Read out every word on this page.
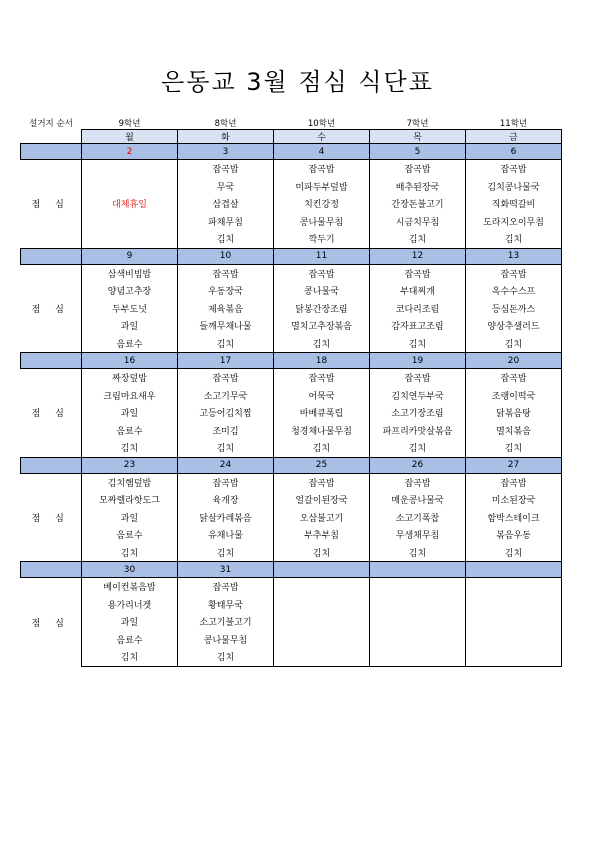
은동교 3월 점심 식단표
설거지 순서	9학년	8학년	10학년	7학년	11학년
	월	화	수	목	금
	2	3	4	5	6
점 심		잡곡밥	잡곡밥	잡곡밥	잡곡밥
		무국	미파두부덮밥	배추된장국	김치콩나물국
	대체휴일	삼겹살	치킨강정	간장돈불고기	직화떡갈비
		파채무침	콩나물무침	시금치무침	도라지오이무침
		김치	깍두기	김치	김치
	9	10	11	12	13
점 심	삼색비빔밥	잡곡밥	잡곡밥	잡곡밥	잡곡밥
	양념고추장	우동장국	콩나물국	부대찌개	옥수수스프
	두부도넛	제육볶음	닭봉간장조림	코다리조림	등심돈까스
	과일	들깨무채나물	멸치고추장볶음	감자표고조림	양상추샐러드
	음료수	김치	김치	김치	김치
	16	17	18	19	20
점 심	짜장덮밥	잡곡밥	잡곡밥	잡곡밥	잡곡밥
	크림마요새우	소고기무국	어묵국	김치연두부국	조랭이떡국
	과일	고등어김치찜	바베큐폭립	소고기장조림	닭볶음탕
	음료수	조미김	청경채나물무침	파프리카맛살볶음	멸치볶음
	김치	김치	김치	김치	김치
	23	24	25	26	27
점 심	김치햄덮밥	잡곡밥	잡곡밥	잡곡밥	잡곡밥
	모짜렐라핫도그	육개장	얼갈이된장국	매운콩나물국	미소된장국
	과일	닭살카레볶음	오삼불고기	소고기폭찹	함박스테이크
	음료수	유채나물	부추부침	무생채무침	볶음우동
	김치	김치	김치	김치	김치
	30	31			
점 심	베이컨볶음밥	잡곡밥			
	용가리너겟	황태무국			
	과일	소고기불고기			
	음료수	콩나물무침			
	김치	김치			
